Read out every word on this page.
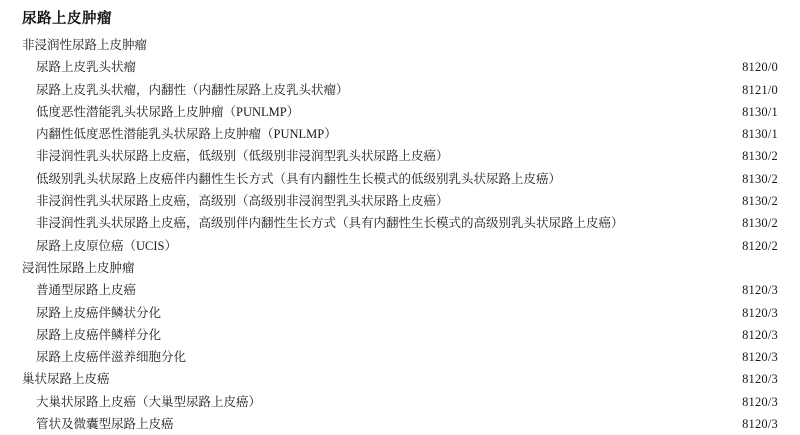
尿路上皮肿瘤
非浸润性尿路上皮肿瘤
尿路上皮乳头状瘤	8120/0
尿路上皮乳头状瘤，内翻性（内翻性尿路上皮乳头状瘤）	8121/0
低度恶性潜能乳头状尿路上皮肿瘤（PUNLMP）	8130/1
内翻性低度恶性潜能乳头状尿路上皮肿瘤（PUNLMP）	8130/1
非浸润性乳头状尿路上皮癌，低级别（低级别非浸润型乳头状尿路上皮癌）	8130/2
低级别乳头状尿路上皮癌伴内翻性生长方式（具有内翻性生长模式的低级别乳头状尿路上皮癌）	8130/2
非浸润性乳头状尿路上皮癌，高级别（高级别非浸润型乳头状尿路上皮癌）	8130/2
非浸润性乳头状尿路上皮癌，高级别伴内翻性生长方式（具有内翻性生长模式的高级别乳头状尿路上皮癌）	8130/2
尿路上皮原位癌（UCIS）	8120/2
浸润性尿路上皮肿瘤
普通型尿路上皮癌	8120/3
尿路上皮癌伴鳞状分化	8120/3
尿路上皮癌伴鳞样分化	8120/3
尿路上皮癌伴滋养细胞分化	8120/3
巢状尿路上皮癌	8120/3
大巢状尿路上皮癌（大巢型尿路上皮癌）	8120/3
管状及微囊型尿路上皮癌	8120/3
